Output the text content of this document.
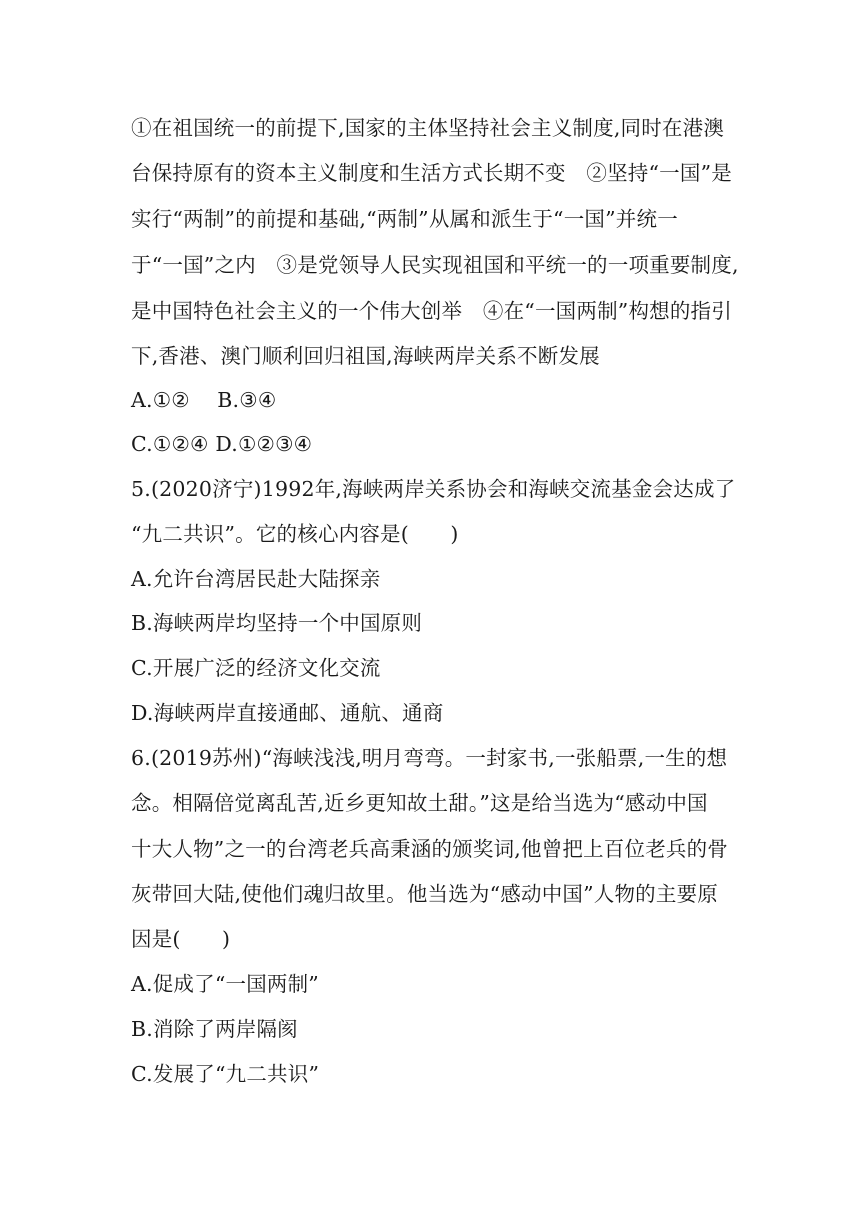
①在祖国统一的前提下,国家的主体坚持社会主义制度,同时在港澳
台保持原有的资本主义制度和生活方式长期不变　②坚持“一国”是
实行“两制”的前提和基础,“两制”从属和派生于“一国”并统一
于“一国”之内　③是党领导人民实现祖国和平统一的一项重要制度,
是中国特色社会主义的一个伟大创举　④在“一国两制”构想的指引
下,香港、澳门顺利回归祖国,海峡两岸关系不断发展
A.①②　 B.③④
C.①②④ D.①②③④
5.(2020济宁)1992年,海峡两岸关系协会和海峡交流基金会达成了
“九二共识”。它的核心内容是(　　)
A.允许台湾居民赴大陆探亲
B.海峡两岸均坚持一个中国原则
C.开展广泛的经济文化交流
D.海峡两岸直接通邮、通航、通商
6.(2019苏州)“海峡浅浅,明月弯弯。一封家书,一张船票,一生的想
念。相隔倍觉离乱苦,近乡更知故土甜。”这是给当选为“感动中国
十大人物”之一的台湾老兵高秉涵的颁奖词,他曾把上百位老兵的骨
灰带回大陆,使他们魂归故里。他当选为“感动中国”人物的主要原
因是(　　)
A.促成了“一国两制”
B.消除了两岸隔阂
C.发展了“九二共识”
